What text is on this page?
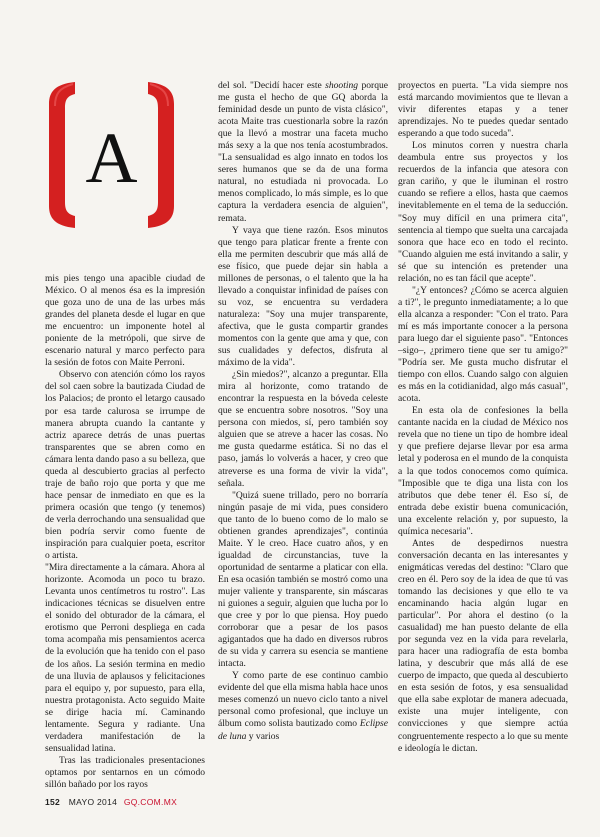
A

mis pies tengo una apacible ciudad de México. O al menos ésa es la impresión que goza uno de una de las urbes más grandes del planeta desde el lugar en que me encuentro: un imponente hotel al poniente de la metrópoli, que sirve de escenario natural y marco perfecto para la sesión de fotos con Maite Perroni.

Observo con atención cómo los rayos del sol caen sobre la bautizada Ciudad de los Palacios; de pronto el letargo causado por esa tarde calurosa se irrumpe de manera abrupta cuando la cantante y actriz aparece detrás de unas puertas transparentes que se abren como en cámara lenta dando paso a su belleza, que queda al descubierto gracias al perfecto traje de baño rojo que porta y que me hace pensar de inmediato en que es la primera ocasión que tengo (y tenemos) de verla derrochando una sensualidad que bien podría servir como fuente de inspiración para cualquier poeta, escritor o artista.

"Mira directamente a la cámara. Ahora al horizonte. Acomoda un poco tu brazo. Levanta unos centímetros tu rostro". Las indicaciones técnicas se disuelven entre el sonido del obturador de la cámara, el erotismo que Perroni despliega en cada toma acompaña mis pensamientos acerca de la evolución que ha tenido con el paso de los años. La sesión termina en medio de una lluvia de aplausos y felicitaciones para el equipo y, por supuesto, para ella, nuestra protagonista. Acto seguido Maite se dirige hacia mí. Caminando lentamente. Segura y radiante. Una verdadera manifestación de la sensualidad latina.

Tras las tradicionales presentaciones optamos por sentarnos en un cómodo sillón bañado por los rayos

del sol. "Decidí hacer este shooting porque me gusta el hecho de que GQ aborda la feminidad desde un punto de vista clásico", acota Maite tras cuestionarla sobre la razón que la llevó a mostrar una faceta mucho más sexy a la que nos tenía acostumbrados. "La sensualidad es algo innato en todos los seres humanos que se da de una forma natural, no estudiada ni provocada. Lo menos complicado, lo más simple, es lo que captura la verdadera esencia de alguien", remata.

Y vaya que tiene razón. Esos minutos que tengo para platicar frente a frente con ella me permiten descubrir que más allá de ese físico, que puede dejar sin habla a millones de personas, o el talento que la ha llevado a conquistar infinidad de países con su voz, se encuentra su verdadera naturaleza: "Soy una mujer transparente, afectiva, que le gusta compartir grandes momentos con la gente que ama y que, con sus cualidades y defectos, disfruta al máximo de la vida".

¿Sin miedos?", alcanzo a preguntar. Ella mira al horizonte, como tratando de encontrar la respuesta en la bóveda celeste que se encuentra sobre nosotros. "Soy una persona con miedos, sí, pero también soy alguien que se atreve a hacer las cosas. No me gusta quedarme estática. Si no das el paso, jamás lo volverás a hacer, y creo que atreverse es una forma de vivir la vida", señala.

"Quizá suene trillado, pero no borraría ningún pasaje de mi vida, pues considero que tanto de lo bueno como de lo malo se obtienen grandes aprendizajes", continúa Maite. Y le creo. Hace cuatro años, y en igualdad de circunstancias, tuve la oportunidad de sentarme a platicar con ella. En esa ocasión también se mostró como una mujer valiente y transparente, sin máscaras ni guiones a seguir, alguien que lucha por lo que cree y por lo que piensa. Hoy puedo corroborar que a pesar de los pasos agigantados que ha dado en diversos rubros de su vida y carrera su esencia se mantiene intacta.

Y como parte de ese continuo cambio evidente del que ella misma habla hace unos meses comenzó un nuevo ciclo tanto a nivel personal como profesional, que incluye un álbum como solista bautizado como Eclipse de luna y varios

proyectos en puerta. "La vida siempre nos está marcando movimientos que te llevan a vivir diferentes etapas y a tener aprendizajes. No te puedes quedar sentado esperando a que todo suceda".

Los minutos corren y nuestra charla deambula entre sus proyectos y los recuerdos de la infancia que atesora con gran cariño, y que le iluminan el rostro cuando se refiere a ellos, hasta que caemos inevitablemente en el tema de la seducción. "Soy muy difícil en una primera cita", sentencia al tiempo que suelta una carcajada sonora que hace eco en todo el recinto. "Cuando alguien me está invitando a salir, y sé que su intención es pretender una relación, no es tan fácil que acepte".

"¿Y entonces? ¿Cómo se acerca alguien a ti?", le pregunto inmediatamente; a lo que ella alcanza a responder: "Con el trato. Para mí es más importante conocer a la persona para luego dar el siguiente paso". "Entonces –sigo–, ¿primero tiene que ser tu amigo?" "Podría ser. Me gusta mucho disfrutar el tiempo con ellos. Cuando salgo con alguien es más en la cotidianidad, algo más casual", acota.

En esta ola de confesiones la bella cantante nacida en la ciudad de México nos revela que no tiene un tipo de hombre ideal y que prefiere dejarse llevar por esa arma letal y poderosa en el mundo de la conquista a la que todos conocemos como química. "Imposible que te diga una lista con los atributos que debe tener él. Eso sí, de entrada debe existir buena comunicación, una excelente relación y, por supuesto, la química necesaria".

Antes de despedirnos nuestra conversación decanta en las interesantes y enigmáticas veredas del destino: "Claro que creo en él. Pero soy de la idea de que tú vas tomando las decisiones y que ello te va encaminando hacia algún lugar en particular". Por ahora el destino (o la casualidad) me han puesto delante de ella por segunda vez en la vida para revelarla, para hacer una radiografía de esta bomba latina, y descubrir que más allá de ese cuerpo de impacto, que queda al descubierto en esta sesión de fotos, y esa sensualidad que ella sabe explotar de manera adecuada, existe una mujer inteligente, con convicciones y que siempre actúa congruentemente respecto a lo que su mente e ideología le dictan.

152 MAYO 2014 GQ.COM.MX
